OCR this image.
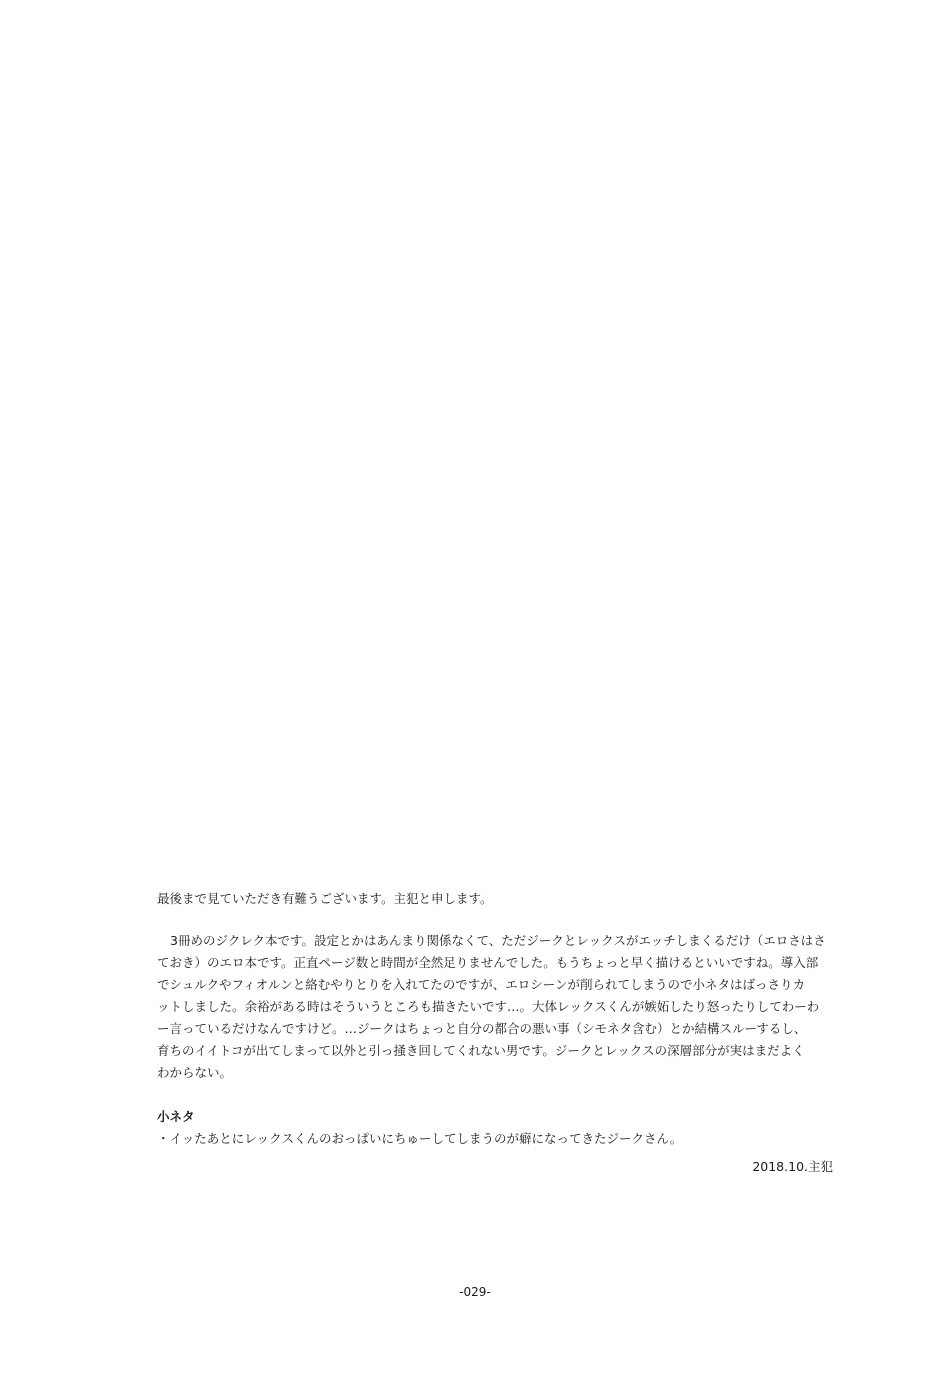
最後まで見ていただき有難うございます。主犯と申します。

3冊めのジクレク本です。設定とかはあんまり関係なくて、ただジークとレックスがエッチしまくるだけ（エロさはさ
ておき）のエロ本です。正直ページ数と時間が全然足りませんでした。もうちょっと早く描けるといいですね。導入部
でシュルクやフィオルンと絡むやりとりを入れてたのですが、エロシーンが削られてしまうので小ネタはばっさりカ
ットしました。余裕がある時はそういうところも描きたいです…。大体レックスくんが嫉妬したり怒ったりしてわーわ
ー言っているだけなんですけど。…ジークはちょっと自分の都合の悪い事（シモネタ含む）とか結構スルーするし、
育ちのイイトコが出てしまって以外と引っ掻き回してくれない男です。ジークとレックスの深層部分が実はまだよく
わからない。

小ネタ

・イッたあとにレックスくんのおっぱいにちゅーしてしまうのが癖になってきたジークさん。

2018.10.主犯

-029-
